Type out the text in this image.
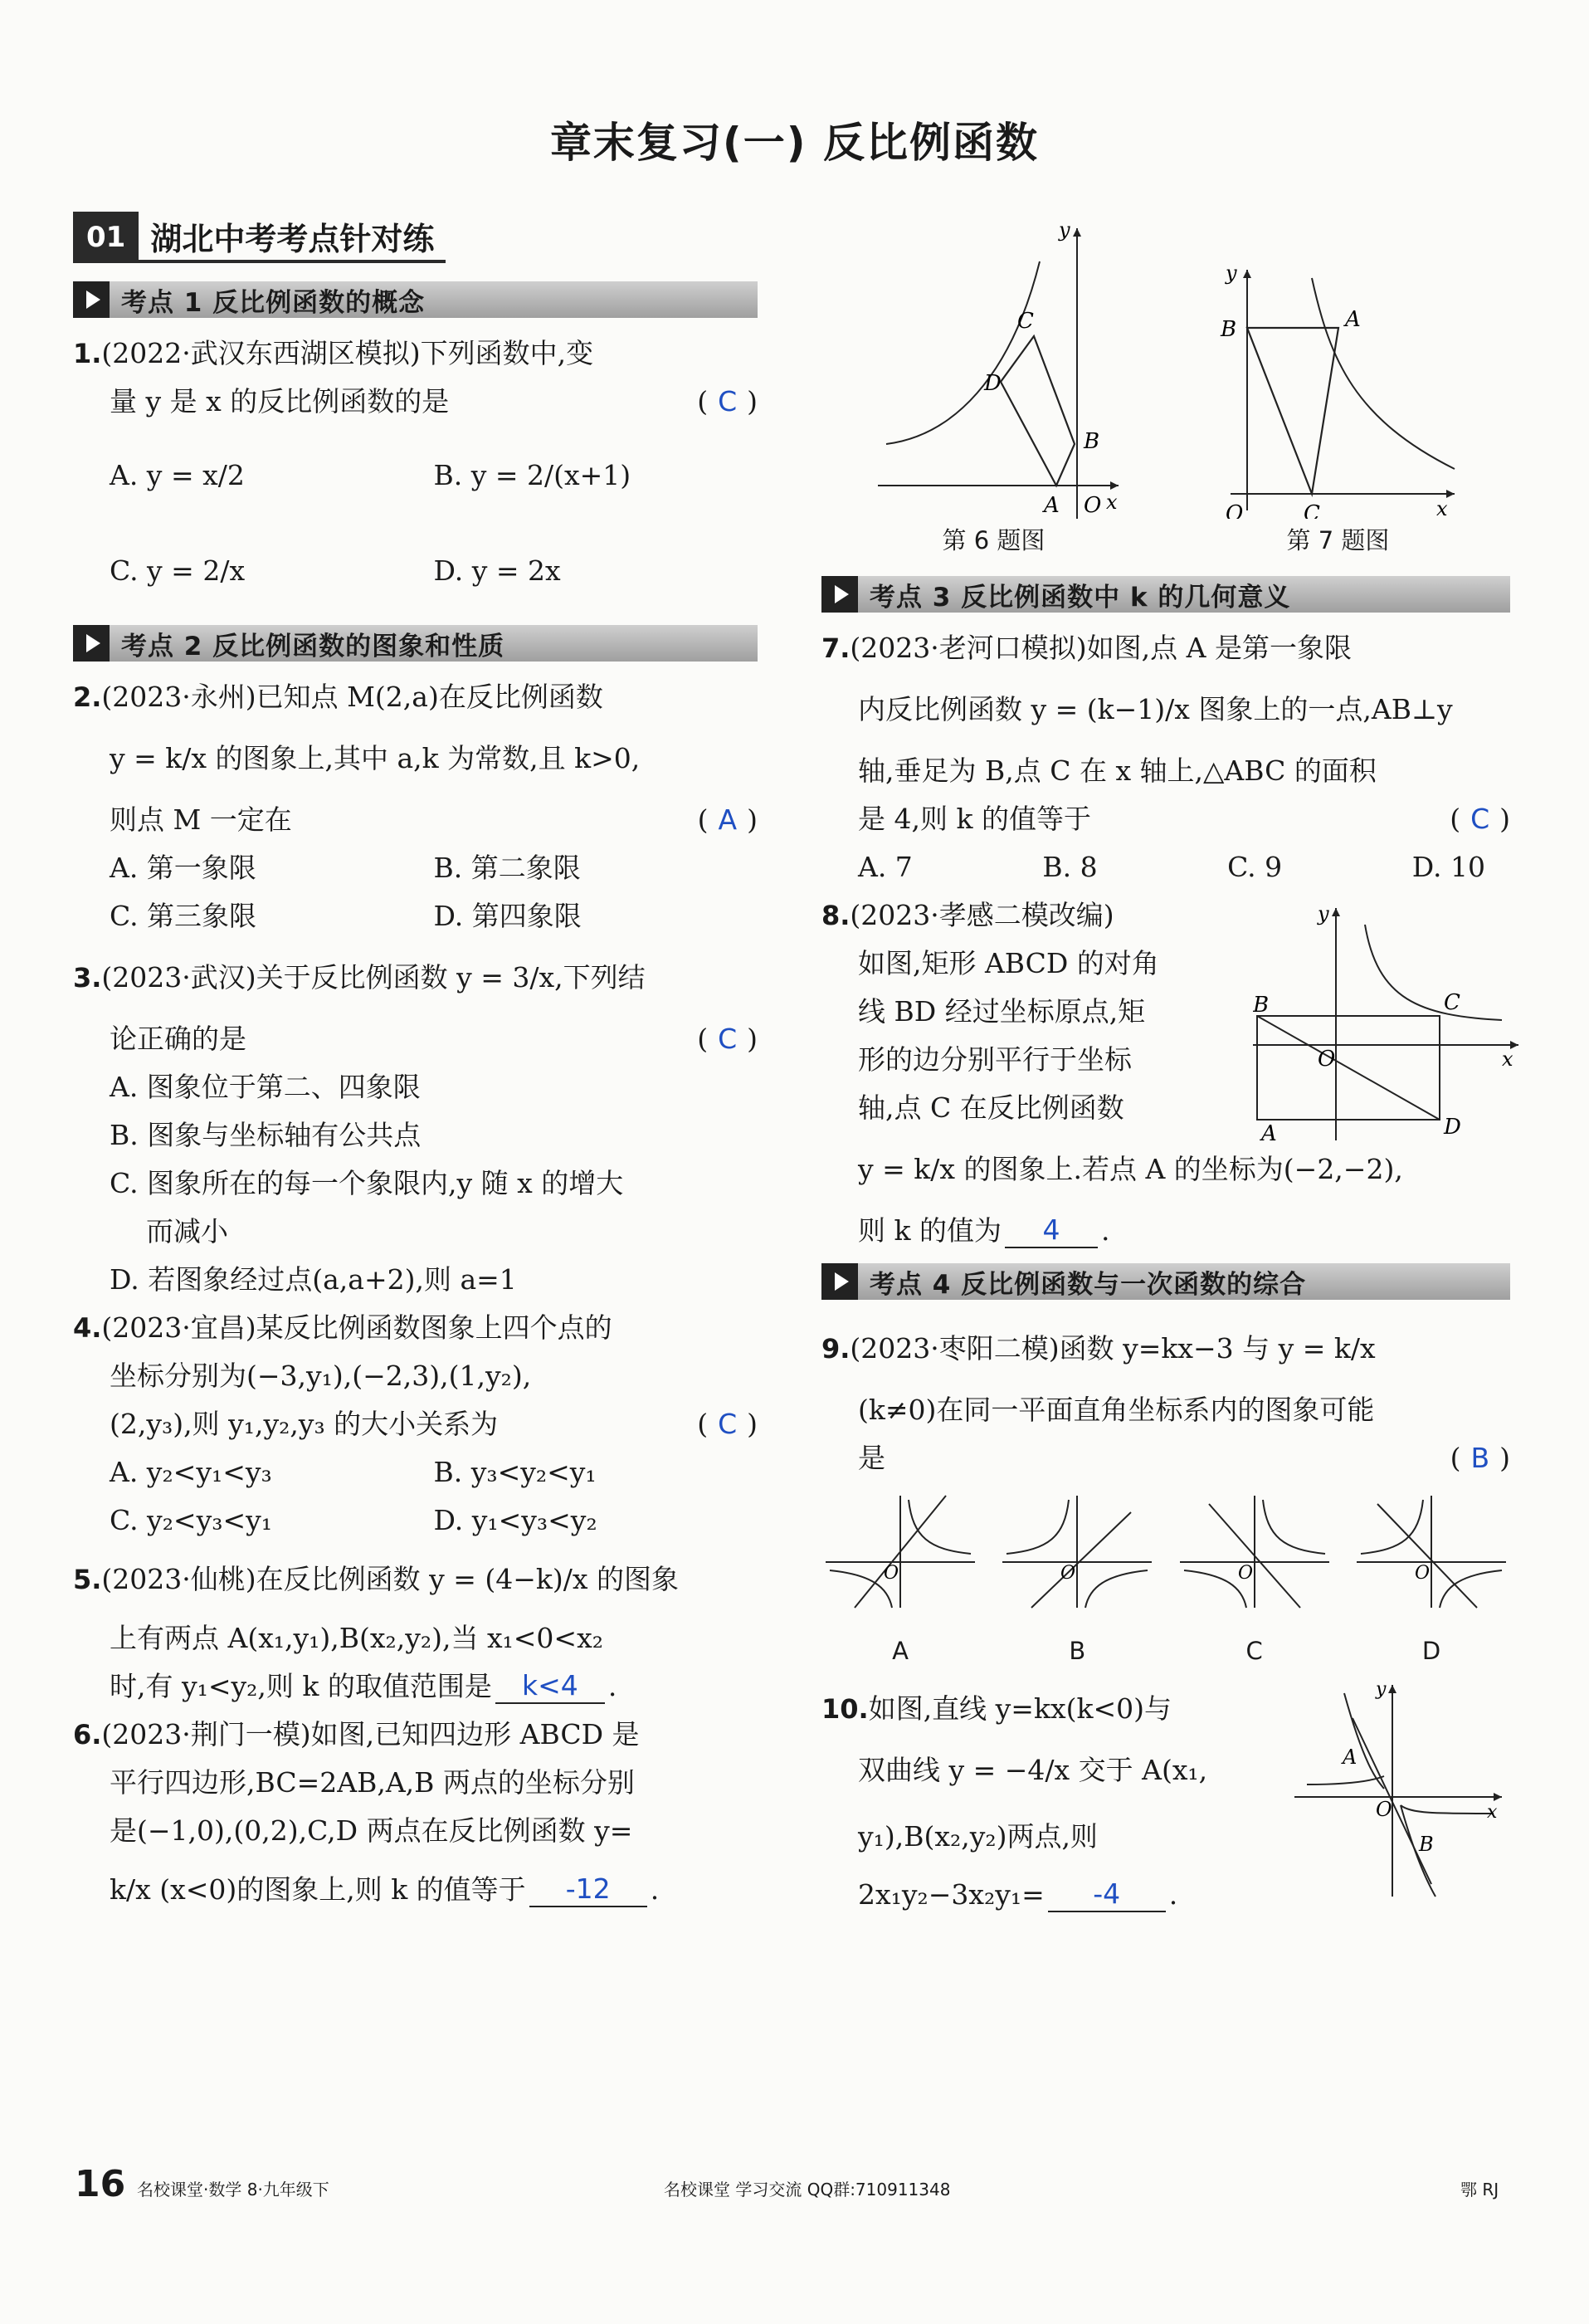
章末复习(一) 反比例函数
01 湖北中考考点针对练
考点 1 反比例函数的概念
1. (2022·武汉东西湖区模拟)下列函数中,变
量 y 是 x 的反比例函数的是	( C )
A. y = x/2	B. y = 2/(x+1)
C. y = 2/x	D. y = 2x
考点 2 反比例函数的图象和性质
2. (2023·永州)已知点 M(2,a)在反比例函数
y = k/x 的图象上,其中 a,k 为常数,且 k>0,
则点 M 一定在	( A )
A. 第一象限	B. 第二象限
C. 第三象限	D. 第四象限
3. (2023·武汉)关于反比例函数 y = 3/x,下列结
论正确的是	( C )
A. 图象位于第二、四象限
B. 图象与坐标轴有公共点
C. 图象所在的每一个象限内,y 随 x 的增大
而减小
D. 若图象经过点(a,a+2),则 a=1
4. (2023·宜昌)某反比例函数图象上四个点的
坐标分别为(−3,y₁),(−2,3),(1,y₂),
(2,y₃),则 y₁,y₂,y₃ 的大小关系为	( C )
A. y₂<y₁<y₃	B. y₃<y₂<y₁
C. y₂<y₃<y₁	D. y₁<y₃<y₂
5. (2023·仙桃)在反比例函数 y = (4−k)/x 的图象
上有两点 A(x₁,y₁),B(x₂,y₂),当 x₁<0<x₂
时,有 y₁<y₂,则 k 的取值范围是	k<4	.
6. (2023·荆门一模)如图,已知四边形 ABCD 是
平行四边形,BC=2AB,A,B 两点的坐标分别
是(−1,0),(0,2),C,D 两点在反比例函数 y=
k/x (x<0)的图象上,则 k 的值等于	-12	.
C
D
B
A O x
y
第 6 题图
B	A
O	C	x
y
第 7 题图
考点 3 反比例函数中 k 的几何意义
7. (2023·老河口模拟)如图,点 A 是第一象限
内反比例函数 y = (k−1)/x 图象上的一点,AB⊥y
轴,垂足为 B,点 C 在 x 轴上,△ABC 的面积
是 4,则 k 的值等于	( C )
A. 7	B. 8	C. 9	D. 10
8. (2023·孝感二模改编)
如图,矩形 ABCD 的对角
线 BD 经过坐标原点,矩
形的边分别平行于坐标
轴,点 C 在反比例函数
y = k/x 的图象上.若点 A 的坐标为(−2,−2),
则 k 的值为	4	.
B	C
O
A	D
x
y
考点 4 反比例函数与一次函数的综合
9. (2023·枣阳二模)函数 y=kx−3 与 y = k/x
(k≠0)在同一平面直角坐标系内的图象可能
是	( B )
O
A
O
B
O
C
O
D
10. 如图,直线 y=kx(k<0)与
双曲线 y = −4/x 交于 A(x₁,
y₁),B(x₂,y₂)两点,则
2x₁y₂−3x₂y₁=	-4	.
A
O
B
x
y
16 名校课堂·数学 8·九年级下	名校课堂 学习交流 QQ群:710911348	鄂 RJ
